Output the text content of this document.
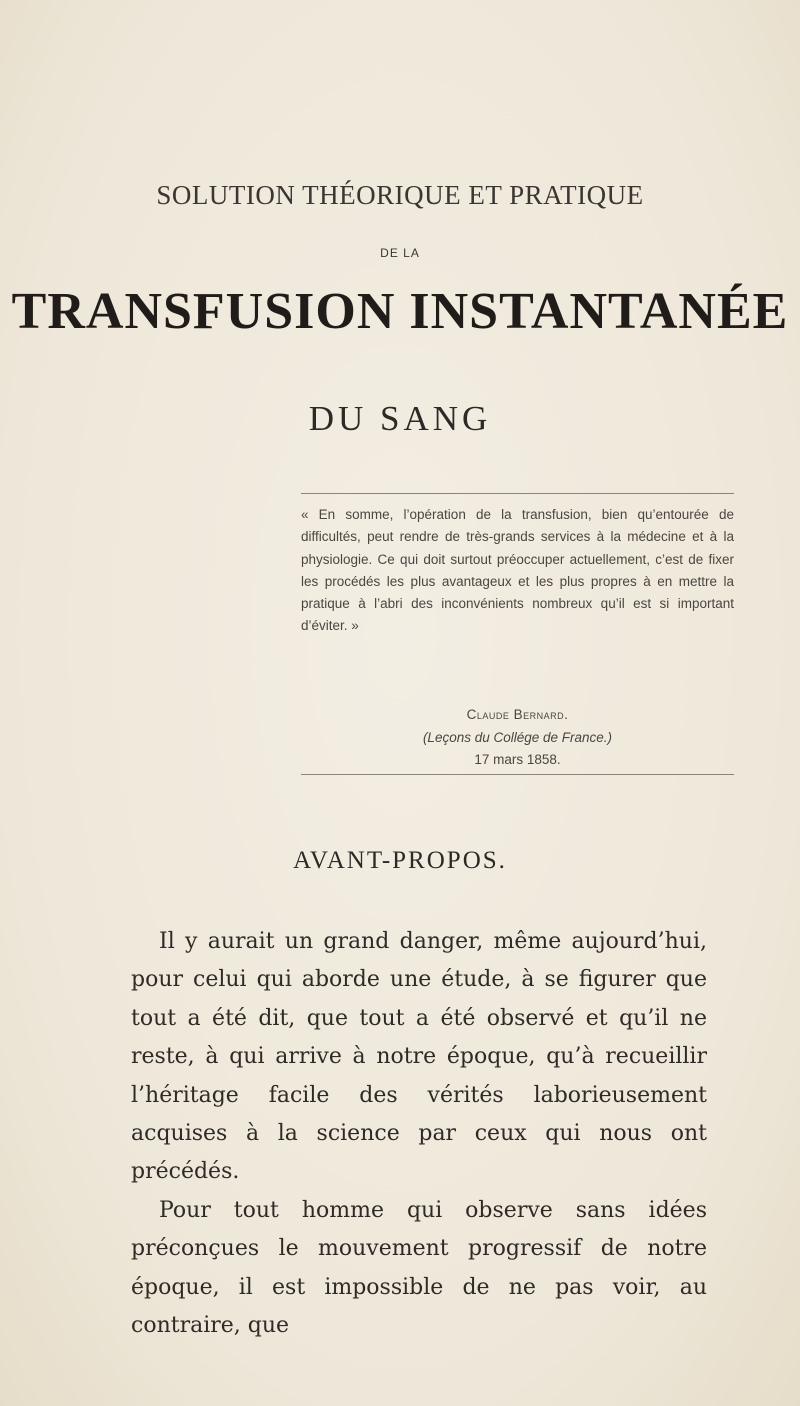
SOLUTION THÉORIQUE ET PRATIQUE
DE LA
TRANSFUSION INSTANTANÉE
DU SANG
« En somme, l’opération de la transfusion, bien qu’entourée de difficultés, peut rendre de très-grands services à la médecine et à la physiologie. Ce qui doit surtout préoccuper actuellement, c’est de fixer les procédés les plus avantageux et les plus propres à en mettre la pratique à l’abri des inconvénients nombreux qu’il est si important d’éviter. »
Claude Bernard.
(Leçons du Collége de France.)
17 mars 1858.
AVANT-PROPOS.

Il y aurait un grand danger, même aujourd’hui, pour celui qui aborde une étude, à se figurer que tout a été dit, que tout a été observé et qu’il ne reste, à qui arrive à notre époque, qu’à recueillir l’héritage facile des vérités laborieusement acquises à la science par ceux qui nous ont précédés.

Pour tout homme qui observe sans idées préconçues le mouvement progressif de notre époque, il est impossible de ne pas voir, au contraire, que
